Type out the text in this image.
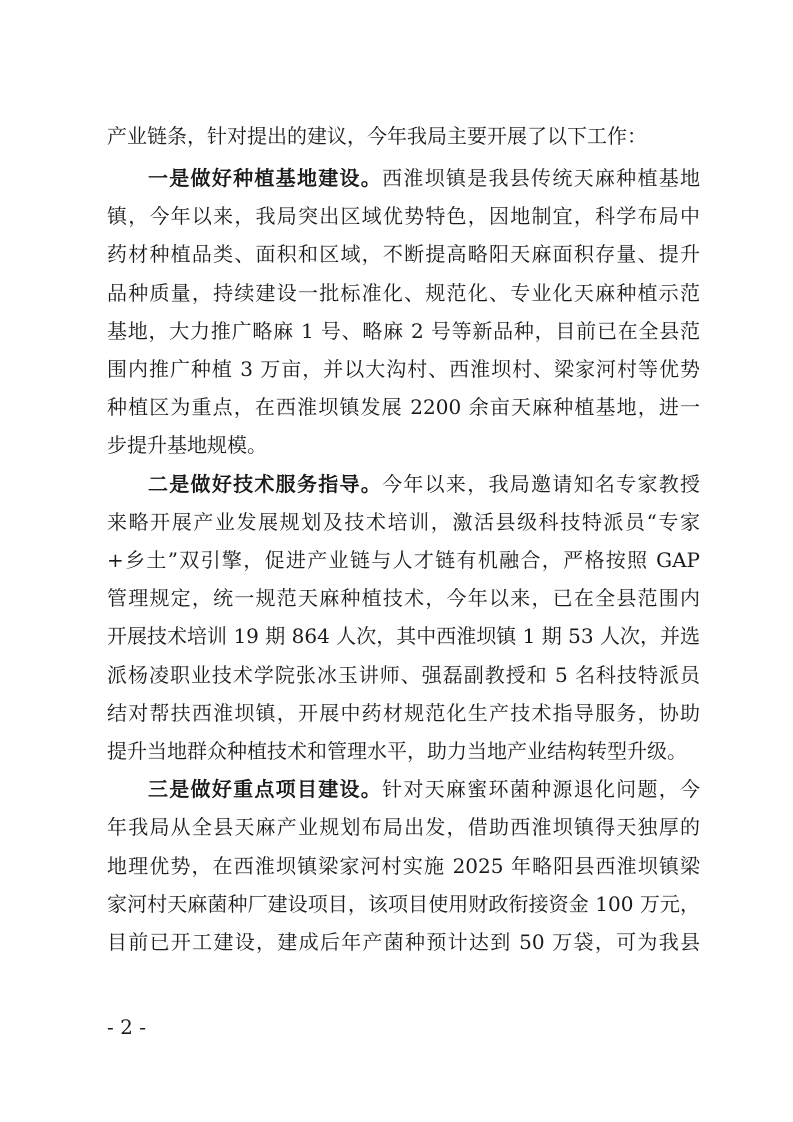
产业链条，针对提出的建议，今年我局主要开展了以下工作：
一是做好种植基地建设。西淮坝镇是我县传统天麻种植基地
镇，今年以来，我局突出区域优势特色，因地制宜，科学布局中
药材种植品类、面积和区域，不断提高略阳天麻面积存量、提升
品种质量，持续建设一批标准化、规范化、专业化天麻种植示范
基地，大力推广略麻 1 号、略麻 2 号等新品种，目前已在全县范
围内推广种植 3 万亩，并以大沟村、西淮坝村、梁家河村等优势
种植区为重点，在西淮坝镇发展 2200 余亩天麻种植基地，进一
步提升基地规模。
二是做好技术服务指导。今年以来，我局邀请知名专家教授
来略开展产业发展规划及技术培训，激活县级科技特派员“专家
+乡土”双引擎，促进产业链与人才链有机融合，严格按照 GAP
管理规定，统一规范天麻种植技术，今年以来，已在全县范围内
开展技术培训 19 期 864 人次，其中西淮坝镇 1 期 53 人次，并选
派杨凌职业技术学院张冰玉讲师、强磊副教授和 5 名科技特派员
结对帮扶西淮坝镇，开展中药材规范化生产技术指导服务，协助
提升当地群众种植技术和管理水平，助力当地产业结构转型升级。
三是做好重点项目建设。针对天麻蜜环菌种源退化问题，今
年我局从全县天麻产业规划布局出发，借助西淮坝镇得天独厚的
地理优势，在西淮坝镇梁家河村实施 2025 年略阳县西淮坝镇梁
家河村天麻菌种厂建设项目，该项目使用财政衔接资金 100 万元，
目前已开工建设，建成后年产菌种预计达到 50 万袋，可为我县
- 2 -
